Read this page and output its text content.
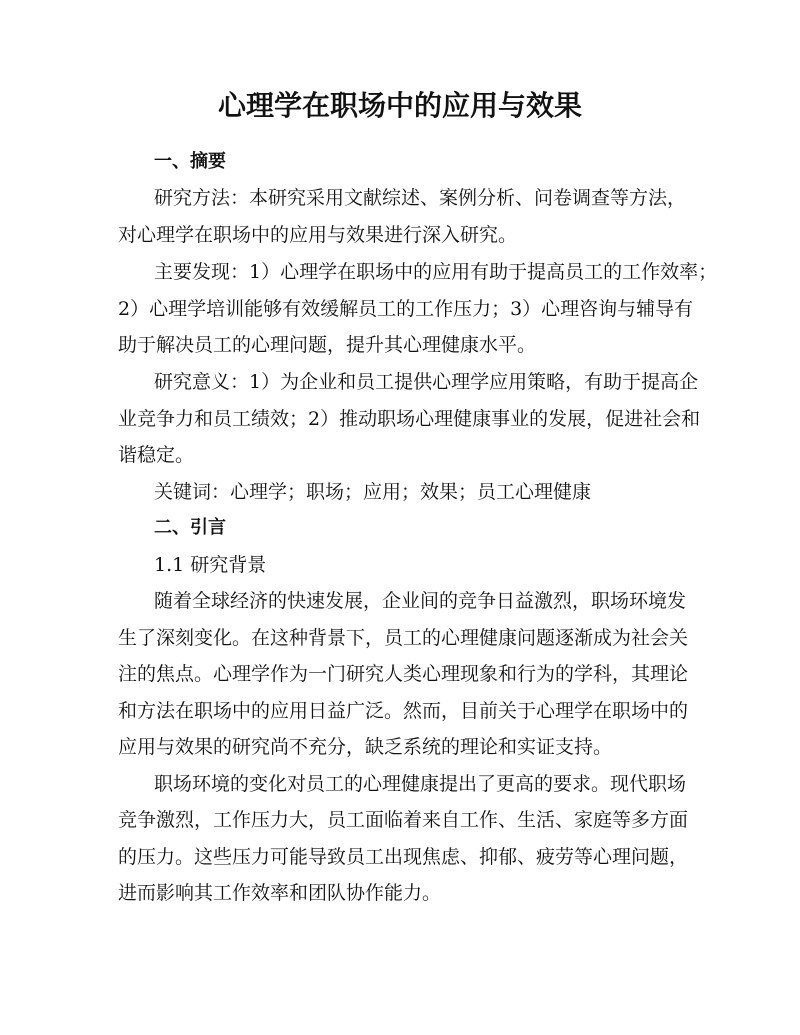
心理学在职场中的应用与效果
一、摘要
研究方法：本研究采用文献综述、案例分析、问卷调查等方法，
对心理学在职场中的应用与效果进行深入研究。
主要发现：1）心理学在职场中的应用有助于提高员工的工作效率；
2）心理学培训能够有效缓解员工的工作压力；3）心理咨询与辅导有
助于解决员工的心理问题，提升其心理健康水平。
研究意义：1）为企业和员工提供心理学应用策略，有助于提高企
业竞争力和员工绩效；2）推动职场心理健康事业的发展，促进社会和
谐稳定。
关键词：心理学；职场；应用；效果；员工心理健康
二、引言
1.1 研究背景
随着全球经济的快速发展，企业间的竞争日益激烈，职场环境发
生了深刻变化。在这种背景下，员工的心理健康问题逐渐成为社会关
注的焦点。心理学作为一门研究人类心理现象和行为的学科，其理论
和方法在职场中的应用日益广泛。然而，目前关于心理学在职场中的
应用与效果的研究尚不充分，缺乏系统的理论和实证支持。
职场环境的变化对员工的心理健康提出了更高的要求。现代职场
竞争激烈，工作压力大，员工面临着来自工作、生活、家庭等多方面
的压力。这些压力可能导致员工出现焦虑、抑郁、疲劳等心理问题，
进而影响其工作效率和团队协作能力。
